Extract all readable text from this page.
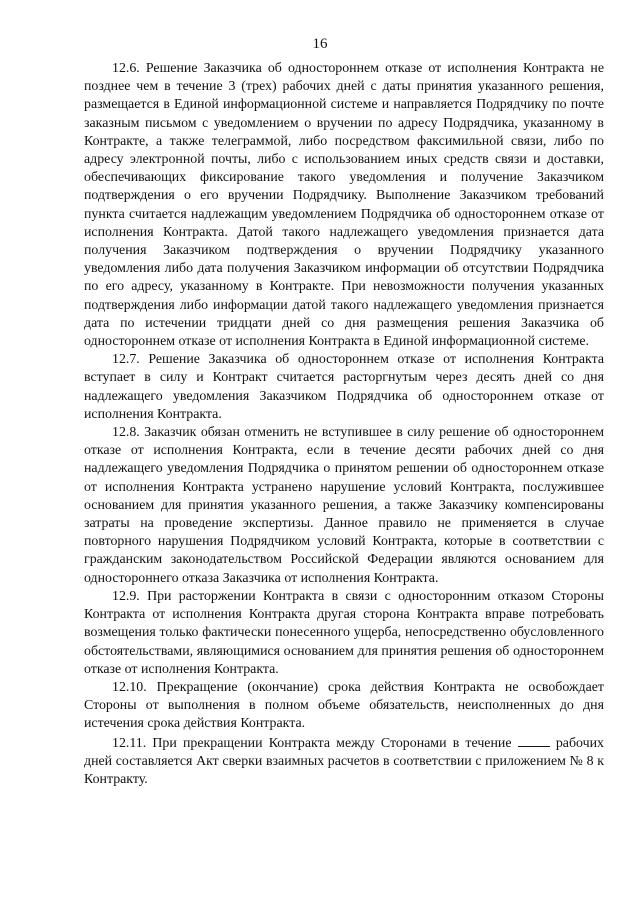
16

12.6. Решение Заказчика об одностороннем отказе от исполнения Контракта не позднее чем в течение 3 (трех) рабочих дней с даты принятия указанного решения, размещается в Единой информационной системе и направляется Подрядчику по почте заказным письмом с уведомлением о вручении по адресу Подрядчика, указанному в Контракте, а также телеграммой, либо посредством факсимильной связи, либо по адресу электронной почты, либо с использованием иных средств связи и доставки, обеспечивающих фиксирование такого уведомления и получение Заказчиком подтверждения о его вручении Подрядчику. Выполнение Заказчиком требований пункта считается надлежащим уведомлением Подрядчика об одностороннем отказе от исполнения Контракта. Датой такого надлежащего уведомления признается дата получения Заказчиком подтверждения о вручении Подрядчику указанного уведомления либо дата получения Заказчиком информации об отсутствии Подрядчика по его адресу, указанному в Контракте. При невозможности получения указанных подтверждения либо информации датой такого надлежащего уведомления признается дата по истечении тридцати дней со дня размещения решения Заказчика об одностороннем отказе от исполнения Контракта в Единой информационной системе.

12.7. Решение Заказчика об одностороннем отказе от исполнения Контракта вступает в силу и Контракт считается расторгнутым через десять дней со дня надлежащего уведомления Заказчиком Подрядчика об одностороннем отказе от исполнения Контракта.

12.8. Заказчик обязан отменить не вступившее в силу решение об одностороннем отказе от исполнения Контракта, если в течение десяти рабочих дней со дня надлежащего уведомления Подрядчика о принятом решении об одностороннем отказе от исполнения Контракта устранено нарушение условий Контракта, послужившее основанием для принятия указанного решения, а также Заказчику компенсированы затраты на проведение экспертизы. Данное правило не применяется в случае повторного нарушения Подрядчиком условий Контракта, которые в соответствии с гражданским законодательством Российской Федерации являются основанием для одностороннего отказа Заказчика от исполнения Контракта.

12.9. При расторжении Контракта в связи с односторонним отказом Стороны Контракта от исполнения Контракта другая сторона Контракта вправе потребовать возмещения только фактически понесенного ущерба, непосредственно обусловленного обстоятельствами, являющимися основанием для принятия решения об одностороннем отказе от исполнения Контракта.

12.10. Прекращение (окончание) срока действия Контракта не освобождает Стороны от выполнения в полном объеме обязательств, неисполненных до дня истечения срока действия Контракта.

12.11. При прекращении Контракта между Сторонами в течение  рабочих дней составляется Акт сверки взаимных расчетов в соответствии с приложением № 8 к Контракту.
